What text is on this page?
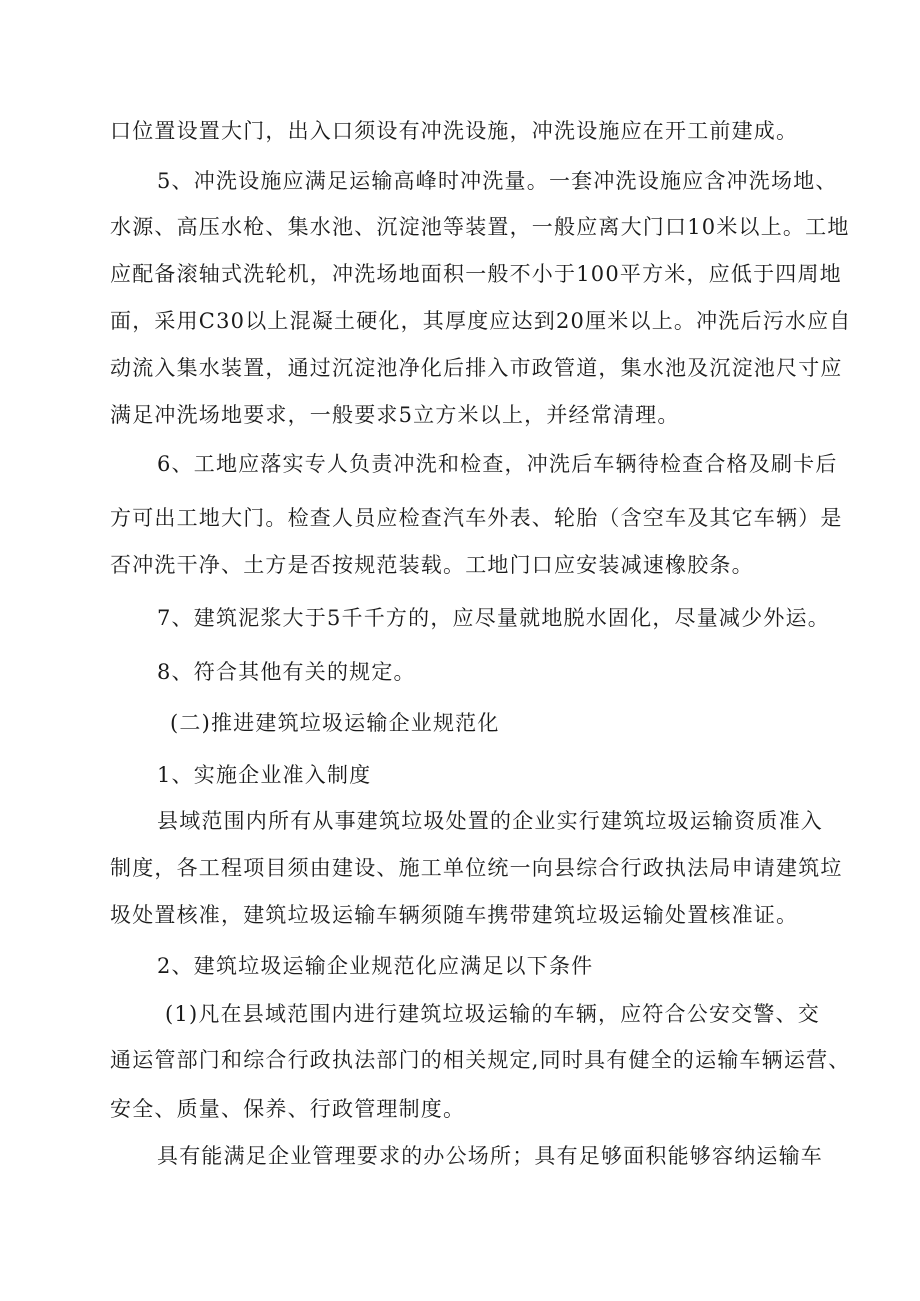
口位置设置大门，出入口须设有冲洗设施，冲洗设施应在开工前建成。
5、冲洗设施应满足运输高峰时冲洗量。一套冲洗设施应含冲洗场地、
水源、高压水枪、集水池、沉淀池等装置，一般应离大门口10米以上。工地
应配备滚轴式洗轮机，冲洗场地面积一般不小于100平方米，应低于四周地
面，采用C30以上混凝土硬化，其厚度应达到20厘米以上。冲洗后污水应自
动流入集水装置，通过沉淀池净化后排入市政管道，集水池及沉淀池尺寸应
满足冲洗场地要求，一般要求5立方米以上，并经常清理。
6、工地应落实专人负责冲洗和检查，冲洗后车辆待检查合格及刷卡后
方可出工地大门。检查人员应检查汽车外表、轮胎（含空车及其它车辆）是
否冲洗干净、土方是否按规范装载。工地门口应安装减速橡胶条。
7、建筑泥浆大于5千千方的，应尽量就地脱水固化，尽量减少外运。
8、符合其他有关的规定。
(二)推进建筑垃圾运输企业规范化
1、实施企业准入制度
县域范围内所有从事建筑垃圾处置的企业实行建筑垃圾运输资质准入
制度，各工程项目须由建设、施工单位统一向县综合行政执法局申请建筑垃
圾处置核准，建筑垃圾运输车辆须随车携带建筑垃圾运输处置核准证。
2、建筑垃圾运输企业规范化应满足以下条件
(1)凡在县域范围内进行建筑垃圾运输的车辆，应符合公安交警、交
通运管部门和综合行政执法部门的相关规定,同时具有健全的运输车辆运营、
安全、质量、保养、行政管理制度。
具有能满足企业管理要求的办公场所；具有足够面积能够容纳运输车
